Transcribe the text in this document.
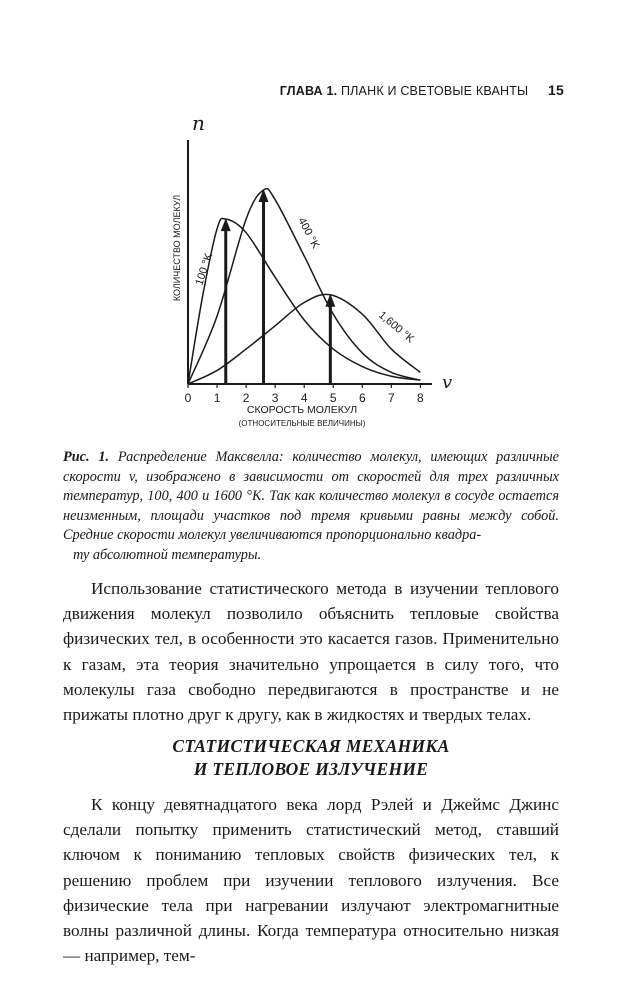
ГЛАВА 1. ПЛАНК И СВЕТОВЫЕ КВАНТЫ 15
0 1 2 3 4 5 6 7 8
n
КОЛИЧЕСТВО МОЛЕКУЛ
v
СКОРОСТЬ МОЛЕКУЛ
(ОТНОСИТЕЛЬНЫЕ ВЕЛИЧИНЫ)
100 °K
400 °K
1,600 °K
Рис. 1. Распределение Максвелла: количество молекул, имеющих различные скорости v, изображено в зависимости от скоростей для трех различных температур, 100, 400 и 1600 °K. Так как количество молекул в сосуде остается неизменным, площади участков под тремя кривыми равны между собой. Средние скорости молекул увеличиваются пропорционально квадра-
ту абсолютной температуры.
Использование статистического метода в изучении теплового движения молекул позволило объяснить тепловые свойства физических тел, в особенности это касается газов. Применительно к газам, эта теория значительно упрощается в силу того, что молекулы газа свободно передвигаются в пространстве и не прижаты плотно друг к другу, как в жидкостях и твердых телах.
СТАТИСТИЧЕСКАЯ МЕХАНИКА
И ТЕПЛОВОЕ ИЗЛУЧЕНИЕ
К концу девятнадцатого века лорд Рэлей и Джеймс Джинс сделали попытку применить статистический метод, ставший ключом к пониманию тепловых свойств физических тел, к решению проблем при изучении теплового излучения. Все физические тела при нагревании излучают электромагнитные волны различной длины. Когда температура относительно низкая — например, тем-
